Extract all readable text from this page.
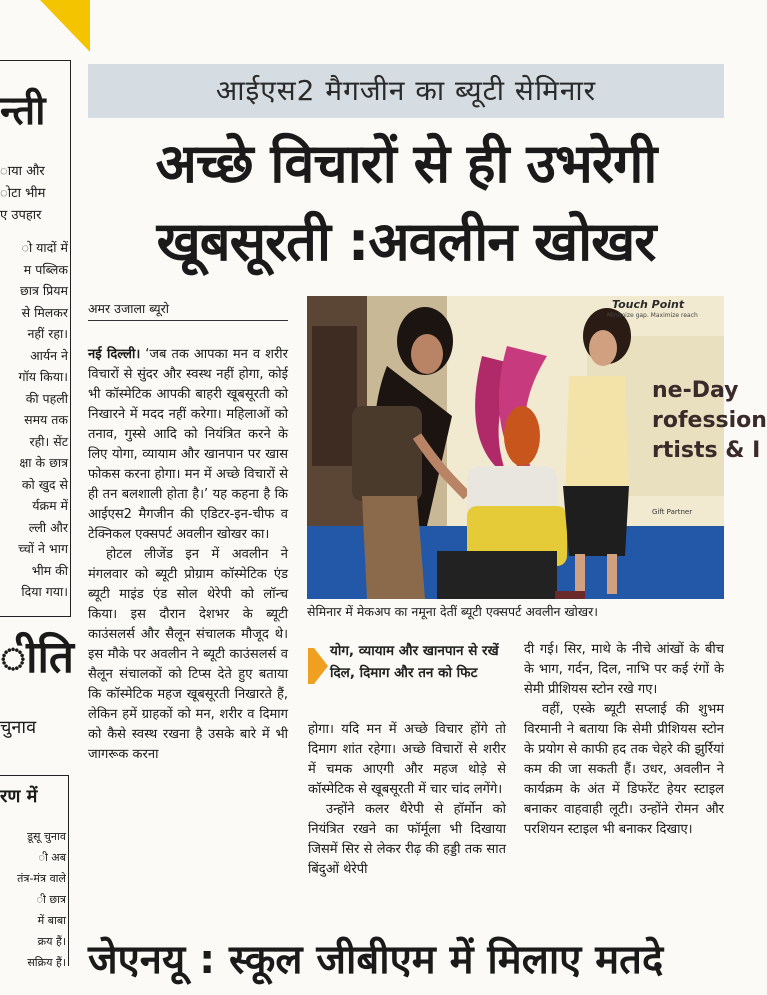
न्ती
ाया और
ोटा भीम
ए उपहार
ो यादों में
म पब्लिक
छात्र प्रियम
से मिलकर
नहीं रहा।
आर्यन ने
गॉय किया।
की पहली
समय तक
रही। सेंट
क्षा के छात्र
को खुद से
र्यक्रम में
ल्ली और
च्चों ने भाग
भीम की
दिया गया।
ीति
चुनाव
रण में
डूसू चुनाव
ी अब
तंत्र-मंत्र वाले
ी छात्र
में बाबा
क्रय हैं।
सक्रिय हैं।
आईएस2 मैगजीन का ब्यूटी सेमिनार
अच्छे विचारों से ही उभरेगी
खूबसूरती :अवलीन खोखर
अमर उजाला ब्यूरो

नई दिल्ली। ‘जब तक आपका मन व शरीर विचारों से सुंदर और स्वस्थ नहीं होगा, कोई भी कॉस्मेटिक आपकी बाहरी खूबसूरती को निखारने में मदद नहीं करेगा। महिलाओं को तनाव, गुस्से आदि को नियंत्रित करने के लिए योगा, व्यायाम और खानपान पर खास फोकस करना होगा। मन में अच्छे विचारों से ही तन बलशाली होता है।’ यह कहना है कि आईएस2 मैगजीन की एडिटर-इन-चीफ व टेक्निकल एक्सपर्ट अवलीन खोखर का।

होटल लीजेंड इन में अवलीन ने मंगलवार को ब्यूटी प्रोग्राम कॉस्मेटिक एंड ब्यूटी माइंड एंड सोल थेरेपी को लॉन्च किया। इस दौरान देशभर के ब्यूटी काउंसलर्स और सैलून संचालक मौजूद थे। इस मौके पर अवलीन ने ब्यूटी काउंसलर्स व सैलून संचालकों को टिप्स देते हुए बताया कि कॉस्मेटिक महज खूबसूरती निखारते हैं, लेकिन हमें ग्राहकों को मन, शरीर व दिमाग को कैसे स्वस्थ रखना है उसके बारे में भी जागरूक करना

Touch Point
Minimize gap. Maximize reach
ne-Day
rofession
rtists & I
Gift Partner
सेमिनार में मेकअप का नमूना देतीं ब्यूटी एक्सपर्ट अवलीन खोखर।
योग, व्यायाम और खानपान से रखें दिल, दिमाग और तन को फिट

होगा। यदि मन में अच्छे विचार होंगे तो दिमाग शांत रहेगा। अच्छे विचारों से शरीर में चमक आएगी और महज थोड़े से कॉस्मेटिक से खूबसूरती में चार चांद लगेंगे।

उन्होंने कलर थैरेपी से हॉर्मोन को नियंत्रित रखने का फॉर्मूला भी दिखाया जिसमें सिर से लेकर रीढ़ की हड्डी तक सात बिंदुओं थेरेपी

दी गई। सिर, माथे के नीचे आंखों के बीच के भाग, गर्दन, दिल, नाभि पर कई रंगों के सेमी प्रीशियस स्टोन रखे गए।

वहीं, एस्के ब्यूटी सप्लाई की शुभम विरमानी ने बताया कि सेमी प्रीशियस स्टोन के प्रयोग से काफी हद तक चेहरे की झुर्रियां कम की जा सकती हैं। उधर, अवलीन ने कार्यक्रम के अंत में डिफरेंट हेयर स्टाइल बनाकर वाहवाही लूटी। उन्होंने रोमन और परशियन स्टाइल भी बनाकर दिखाए।

जेएनयू : स्कूल जीबीएम में मिलाए मतदे
